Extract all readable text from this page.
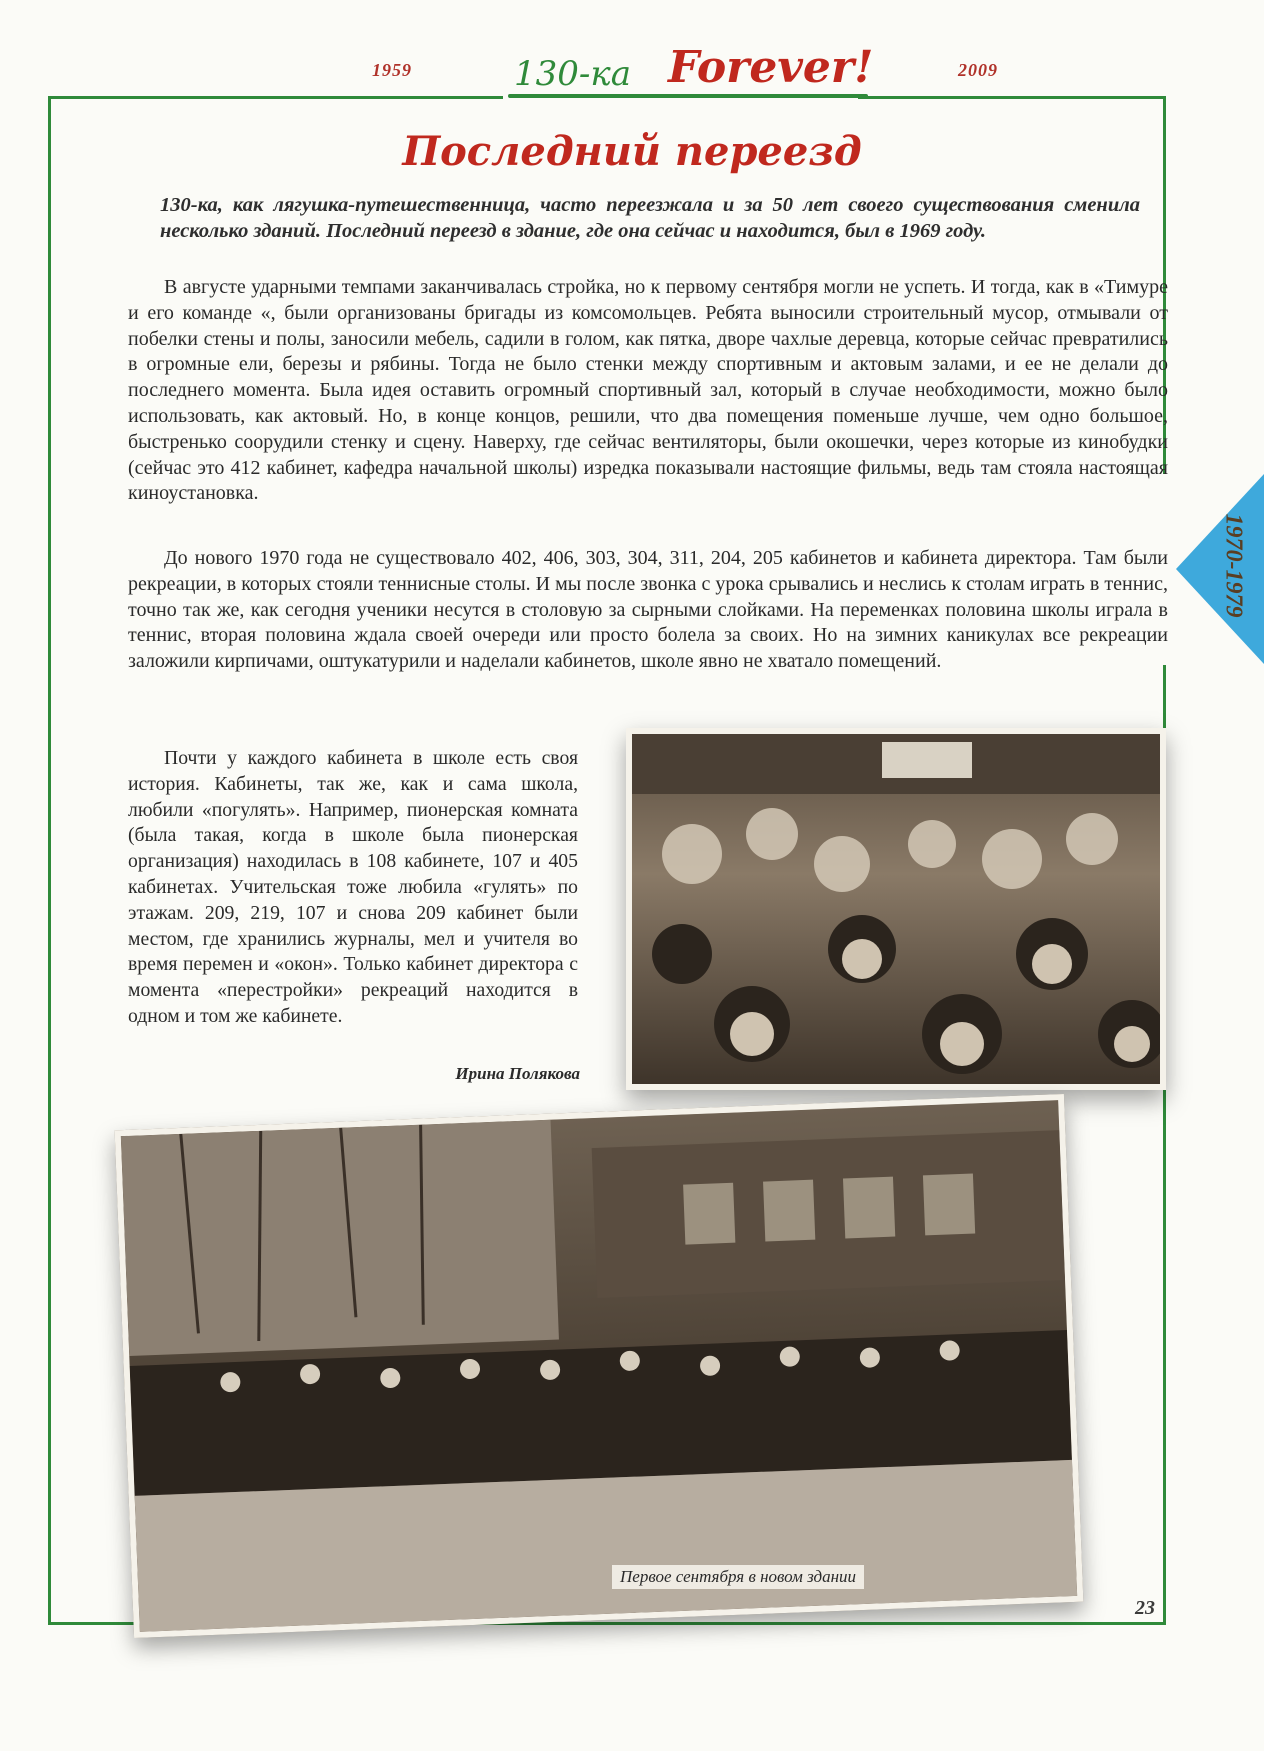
1959	130-ка Forever!	2009
1970-1979
Последний переезд
130-ка, как лягушка-путешественница, часто переезжала и за 50 лет своего существования сменила несколько зданий. Последний переезд в здание, где она сейчас и находится, был в 1969 году.
В августе ударными темпами заканчивалась стройка, но к первому сентября могли не успеть. И тогда, как в «Тимуре и его команде «, были организованы бригады из комсомольцев. Ребята выносили строительный мусор, отмывали от побелки стены и полы, заносили мебель, садили в голом, как пятка, дворе чахлые деревца, которые сейчас превратились в огромные ели, березы и рябины. Тогда не было стенки между спортивным и актовым залами, и ее не делали до последнего момента. Была идея оставить огромный спортивный зал, который в случае необходимости, можно было использовать, как актовый. Но, в конце концов, решили, что два помещения поменьше лучше, чем одно большое, быстренько соорудили стенку и сцену. Наверху, где сейчас вентиляторы, были окошечки, через которые из кинобудки (сейчас это 412 кабинет, кафедра начальной школы) изредка показывали настоящие фильмы, ведь там стояла настоящая киноустановка.
До нового 1970 года не существовало 402, 406, 303, 304, 311, 204, 205 кабинетов и кабинета директора. Там были рекреации, в которых стояли теннисные столы. И мы после звонка с урока срывались и неслись к столам играть в теннис, точно так же, как сегодня ученики несутся в столовую за сырными слойками. На переменках половина школы играла в теннис, вторая половина ждала своей очереди или просто болела за своих. Но на зимних каникулах все рекреации заложили кирпичами, оштукатурили и наделали кабинетов, школе явно не хватало помещений.
Почти у каждого кабинета в школе есть своя история. Кабинеты, так же, как и сама школа, любили «погулять». Например, пионерская комната (была такая, когда в школе была пионерская организация) находилась в 108 кабинете, 107 и 405 кабинетах. Учительская тоже любила «гулять» по этажам. 209, 219, 107 и снова 209 кабинет были местом, где хранились журналы, мел и учителя во время перемен и «окон». Только кабинет директора с момента «перестройки» рекреаций находится в одном и том же кабинете.
Ирина Полякова
Первое сентября в новом здании
23
